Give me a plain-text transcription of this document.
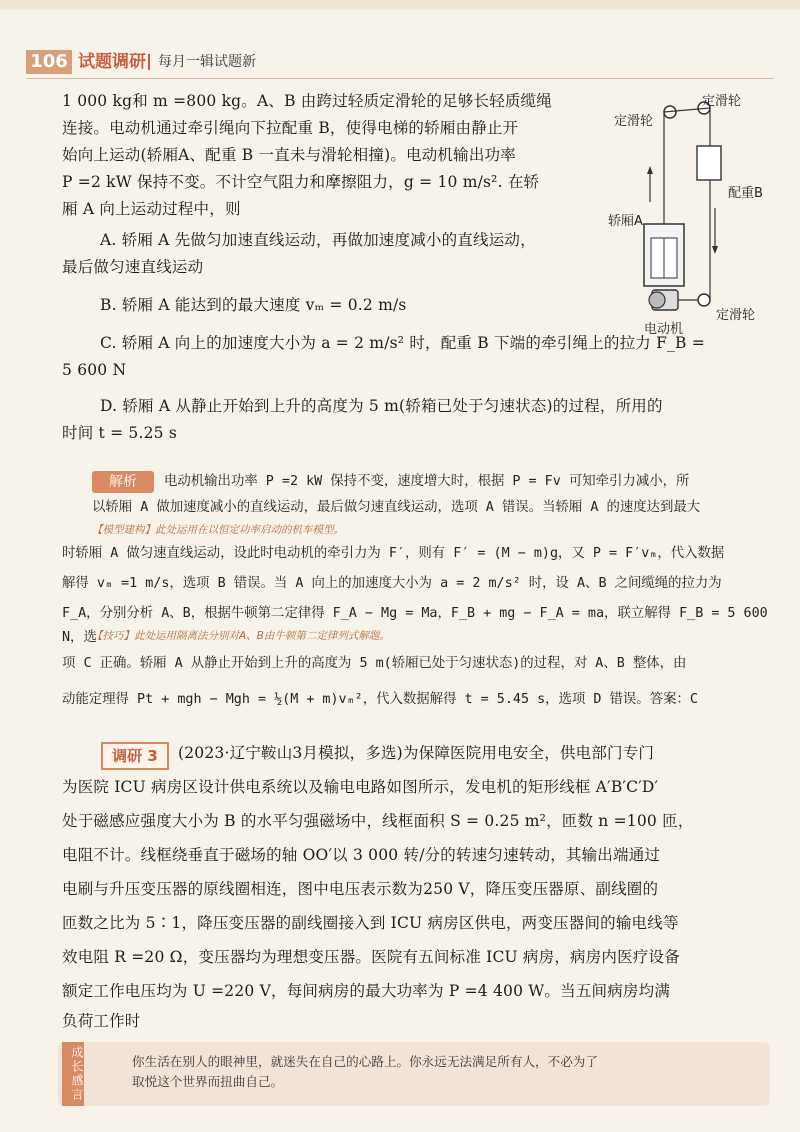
106 试题调研 每月一辑试题新
1 000 kg和 m =800 kg。A、B 由跨过轻质定滑轮的足够长轻质缆绳
连接。电动机通过牵引绳向下拉配重 B，使得电梯的轿厢由静止开
始向上运动(轿厢A、配重 B 一直未与滑轮相撞)。电动机输出功率
P =2 kW 保持不变。不计空气阻力和摩擦阻力，g = 10 m/s². 在轿
厢 A 向上运动过程中，则
A. 轿厢 A 先做匀加速直线运动，再做加速度减小的直线运动，
最后做匀速直线运动
B. 轿厢 A 能达到的最大速度 vₘ = 0.2 m/s
C. 轿厢 A 向上的加速度大小为 a = 2 m/s² 时，配重 B 下端的牵引绳上的拉力 F_B =
5 600 N
D. 轿厢 A 从静止开始到上升的高度为 5 m(轿箱已处于匀速状态)的过程，所用的
时间 t = 5.25 s
定滑轮
定滑轮
配重B
轿厢A
电动机
定滑轮
解析	电动机输出功率 P =2 kW 保持不变，速度增大时，根据 P = Fv 可知牵引力减小，所
以轿厢 A 做加速度减小的直线运动，最后做匀速直线运动，选项 A 错误。当轿厢 A 的速度达到最大
【模型建构】此处运用在以恒定功率启动的机车模型。
时轿厢 A 做匀速直线运动，设此时电动机的牵引力为 F′，则有 F′ = (M − m)g，又 P = F′vₘ，代入数据
解得 vₘ =1 m/s，选项 B 错误。当 A 向上的加速度大小为 a = 2 m/s² 时，设 A、B 之间缆绳的拉力为
F_A，分别分析 A、B，根据牛顿第二定律得 F_A − Mg = Ma，F_B + mg − F_A = ma，联立解得 F_B = 5 600 N，选
【技巧】此处运用隔离法分别对A、B由牛顿第二定律列式解题。
项 C 正确。轿厢 A 从静止开始到上升的高度为 5 m(轿厢已处于匀速状态)的过程，对 A、B 整体，由
动能定理得 Pt + mgh − Mgh = ½(M + m)vₘ²，代入数据解得 t = 5.45 s，选项 D 错误。答案：C
调研 3	(2023·辽宁鞍山3月模拟，多选)为保障医院用电安全，供电部门专门
为医院 ICU 病房区设计供电系统以及输电电路如图所示，发电机的矩形线框 A′B′C′D′
处于磁感应强度大小为 B 的水平匀强磁场中，线框面积 S = 0.25 m²，匝数 n =100 匝，
电阻不计。线框绕垂直于磁场的轴 OO′以 3 000 转/分的转速匀速转动，其输出端通过
电刷与升压变压器的原线圈相连，图中电压表示数为250 V，降压变压器原、副线圈的
匝数之比为 5∶1，降压变压器的副线圈接入到 ICU 病房区供电，两变压器间的输电线等
效电阻 R =20 Ω，变压器均为理想变压器。医院有五间标准 ICU 病房，病房内医疗设备
额定工作电压均为 U =220 V，每间病房的最大功率为 P =4 400 W。当五间病房均满
负荷工作时
成长感言	你生活在别人的眼神里，就迷失在自己的心路上。你永远无法满足所有人，不必为了
取悦这个世界而扭曲自己。
